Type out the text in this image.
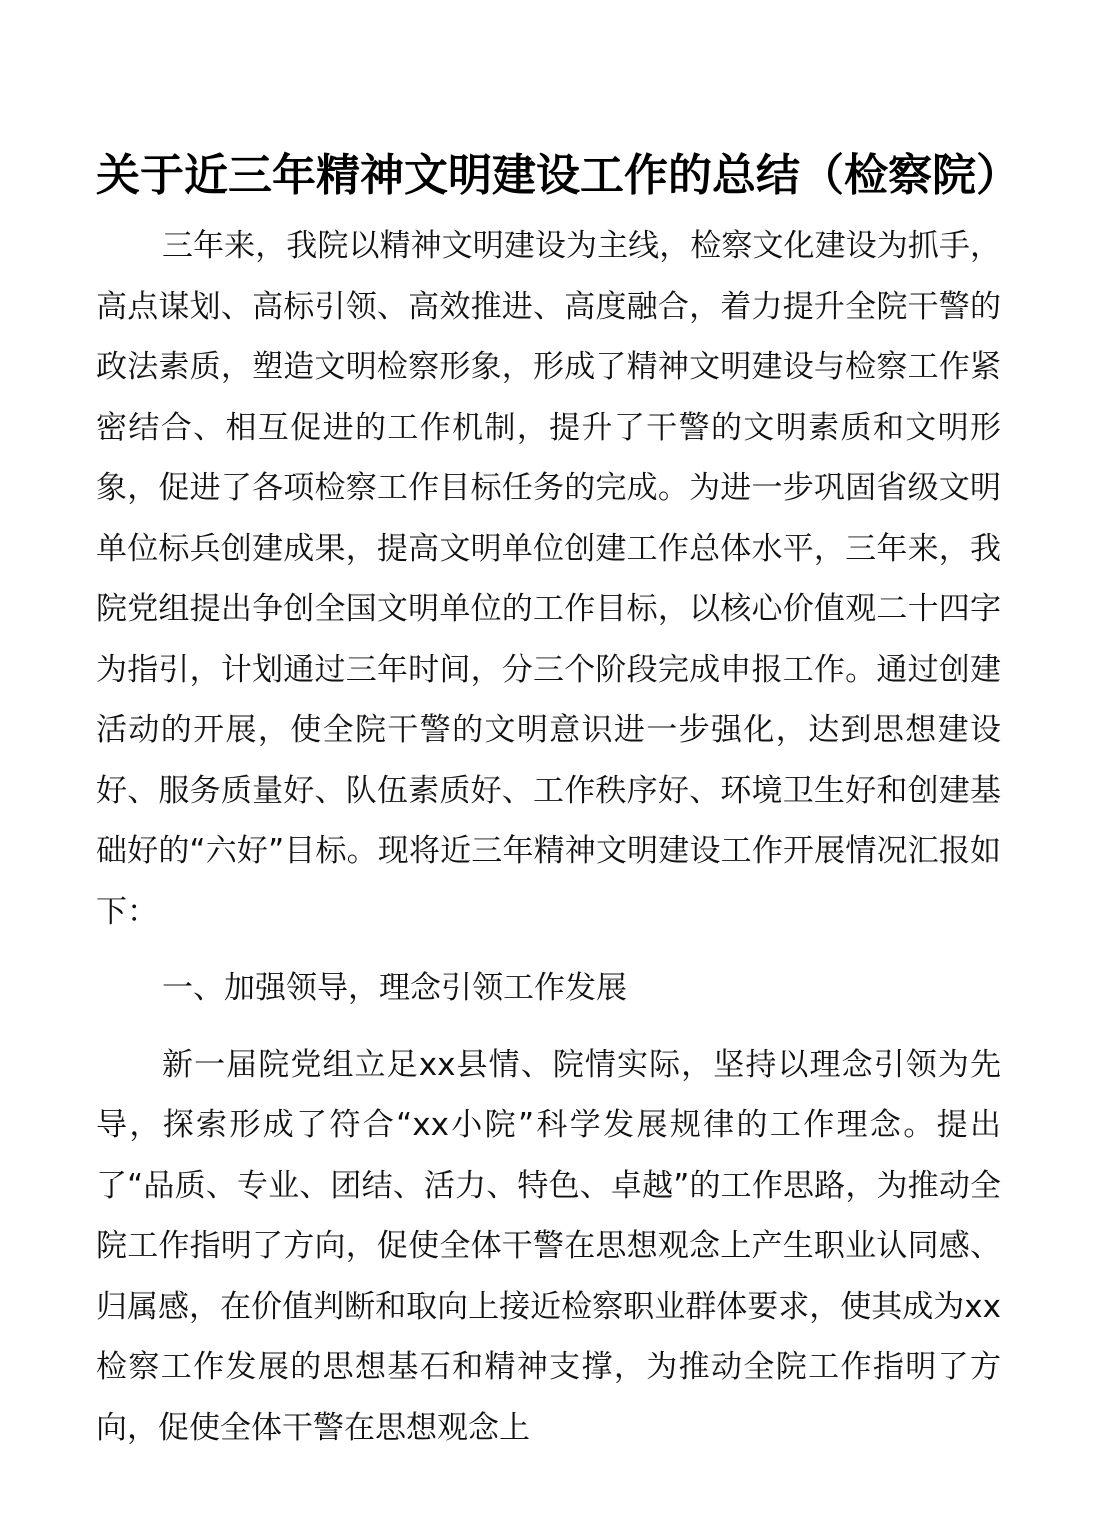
关于近三年精神文明建设工作的总结（检察院）

三年来，我院以精神文明建设为主线，检察文化建设为抓手，高点谋划、高标引领、高效推进、高度融合，着力提升全院干警的政法素质，塑造文明检察形象，形成了精神文明建设与检察工作紧密结合、相互促进的工作机制，提升了干警的文明素质和文明形象，促进了各项检察工作目标任务的完成。为进一步巩固省级文明单位标兵创建成果，提高文明单位创建工作总体水平，三年来，我院党组提出争创全国文明单位的工作目标，以核心价值观二十四字为指引，计划通过三年时间，分三个阶段完成申报工作。通过创建活动的开展，使全院干警的文明意识进一步强化，达到思想建设好、服务质量好、队伍素质好、工作秩序好、环境卫生好和创建基础好的“六好”目标。现将近三年精神文明建设工作开展情况汇报如下：

一、加强领导，理念引领工作发展

新一届院党组立足xx县情、院情实际，坚持以理念引领为先导，探索形成了符合“xx小院”科学发展规律的工作理念。提出了“品质、专业、团结、活力、特色、卓越”的工作思路，为推动全院工作指明了方向，促使全体干警在思想观念上产生职业认同感、归属感，在价值判断和取向上接近检察职业群体要求，使其成为xx检察工作发展的思想基石和精神支撑，为推动全院工作指明了方向，促使全体干警在思想观念上
